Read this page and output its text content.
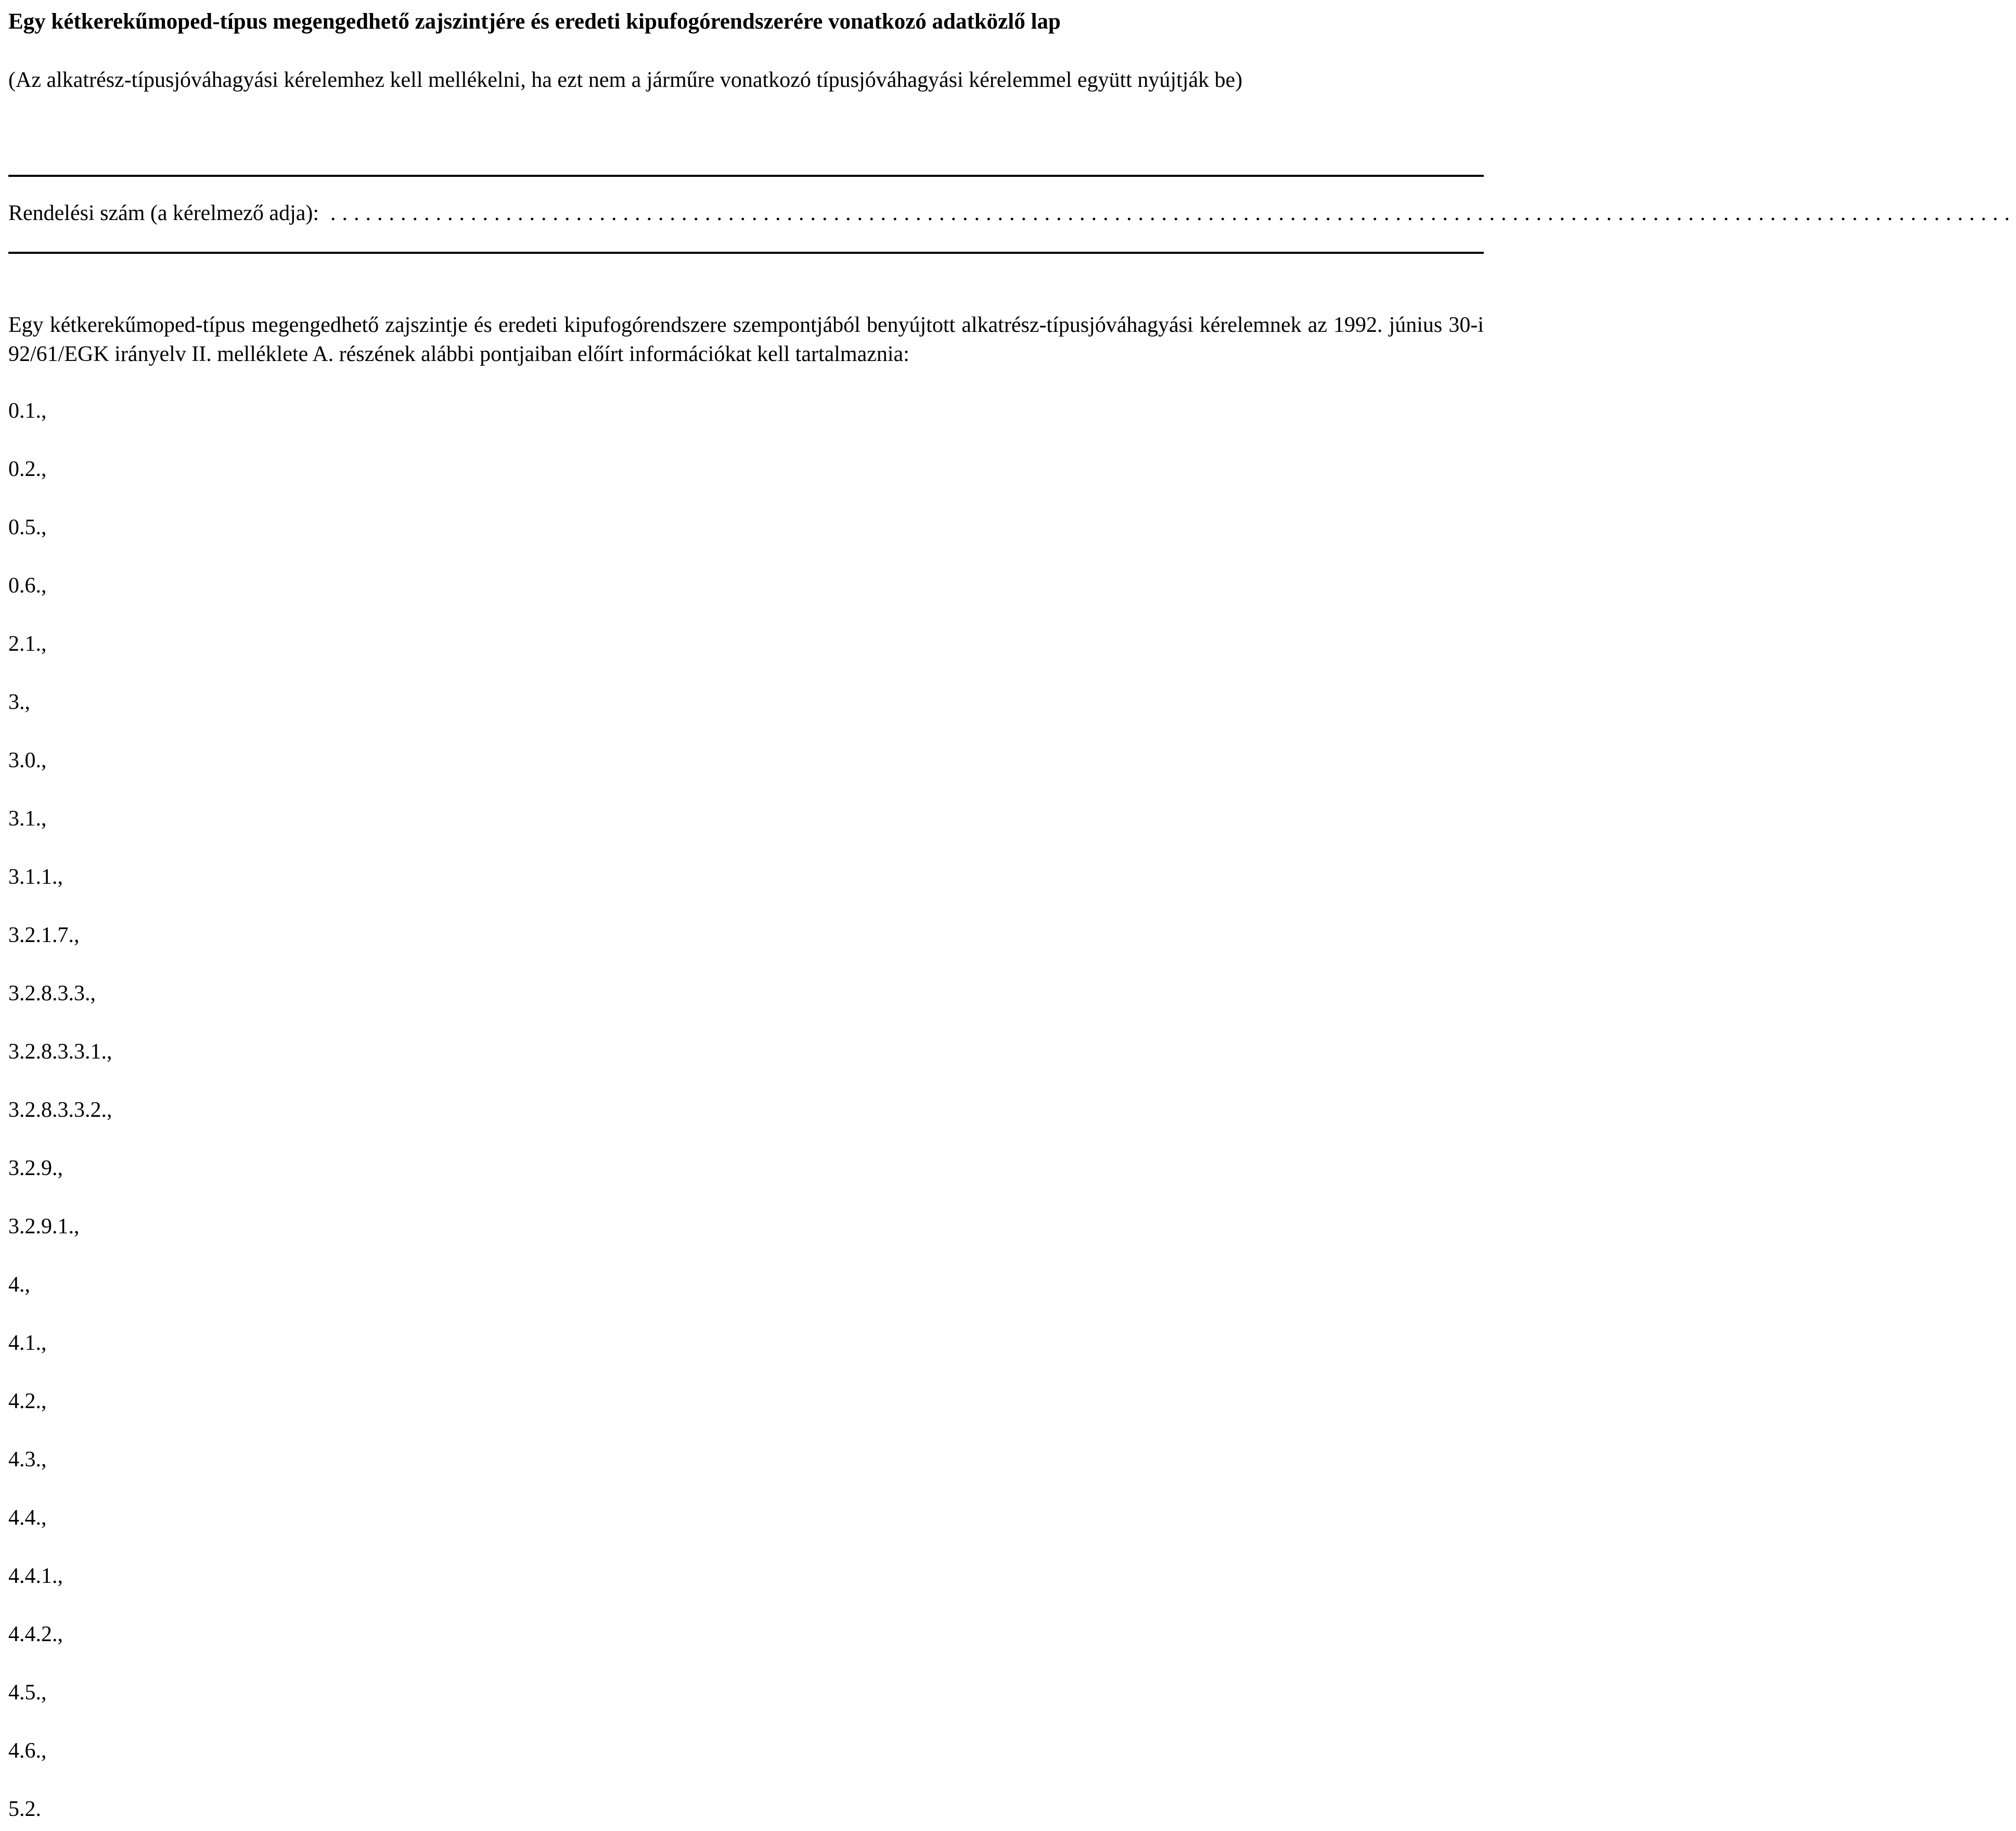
Egy kétkerekűmoped-típus megengedhető zajszintjére és eredeti kipufogórendszerére vonatkozó adatközlő lap
(Az alkatrész-típusjóváhagyási kérelemhez kell mellékelni, ha ezt nem a járműre vonatkozó típusjóváhagyási kérelemmel együtt nyújtják be)
Rendelési szám (a kérelmező adja): ................................................................................................................................................
Egy kétkerekűmoped-típus megengedhető zajszintje és eredeti kipufogórendszere szempontjából benyújtott alkatrész-típusjóváhagyási kérelemnek az 1992. június 30-i 92/61/EGK irányelv II. melléklete A. részének alábbi pontjaiban előírt információkat kell tartalmaznia:
0.1.,
0.2.,
0.5.,
0.6.,
2.1.,
3.,
3.0.,
3.1.,
3.1.1.,
3.2.1.7.,
3.2.8.3.3.,
3.2.8.3.3.1.,
3.2.8.3.3.2.,
3.2.9.,
3.2.9.1.,
4.,
4.1.,
4.2.,
4.3.,
4.4.,
4.4.1.,
4.4.2.,
4.5.,
4.6.,
5.2.
